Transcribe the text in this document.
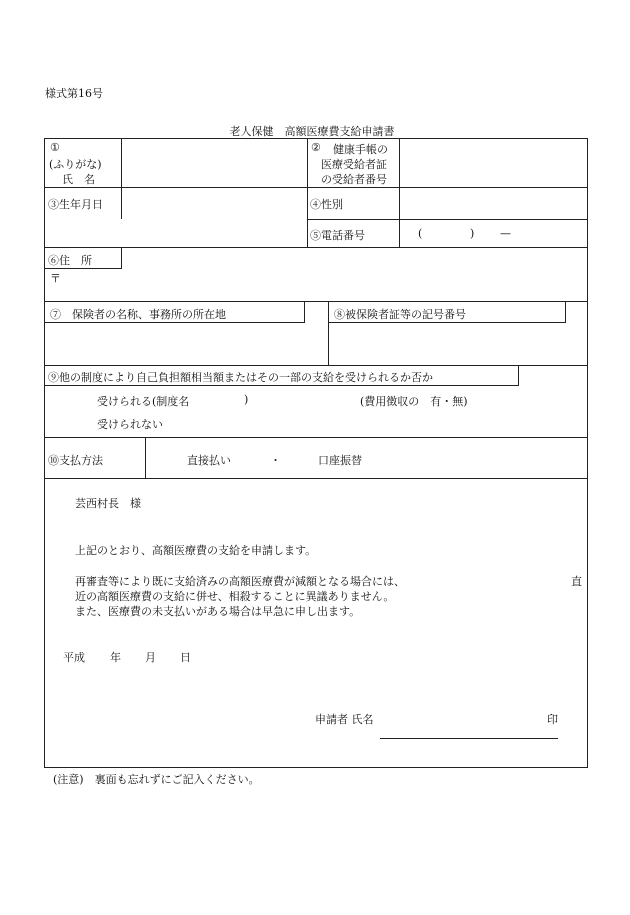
様式第16号
老人保健　高額医療費支給申請書
①
(ふりがな)
氏　名
② 健康手帳の
医療受給者証
の受給者番号
③生年月日	④性別
⑤電話番号	(	) —
⑥住　所
〒
⑦　保険者の名称、事務所の所在地	⑧被保険者証等の記号番号
⑨他の制度により自己負担額相当額またはその一部の支給を受けられるか否か
受けられる(制度名	)	(費用徴収の　有・無)
受けられない
⑩支払方法	直接払い	・	口座振替
芸西村長　様
上記のとおり、高額医療費の支給を申請します。
再審査等により既に支給済みの高額医療費が減額となる場合には、	直
近の高額医療費の支給に併せ、相殺することに異議ありません。
また、医療費の未支払いがある場合は早急に申し出ます。
平成 年 月 日
申請者 氏名	印
(注意)　裏面も忘れずにご記入ください。
